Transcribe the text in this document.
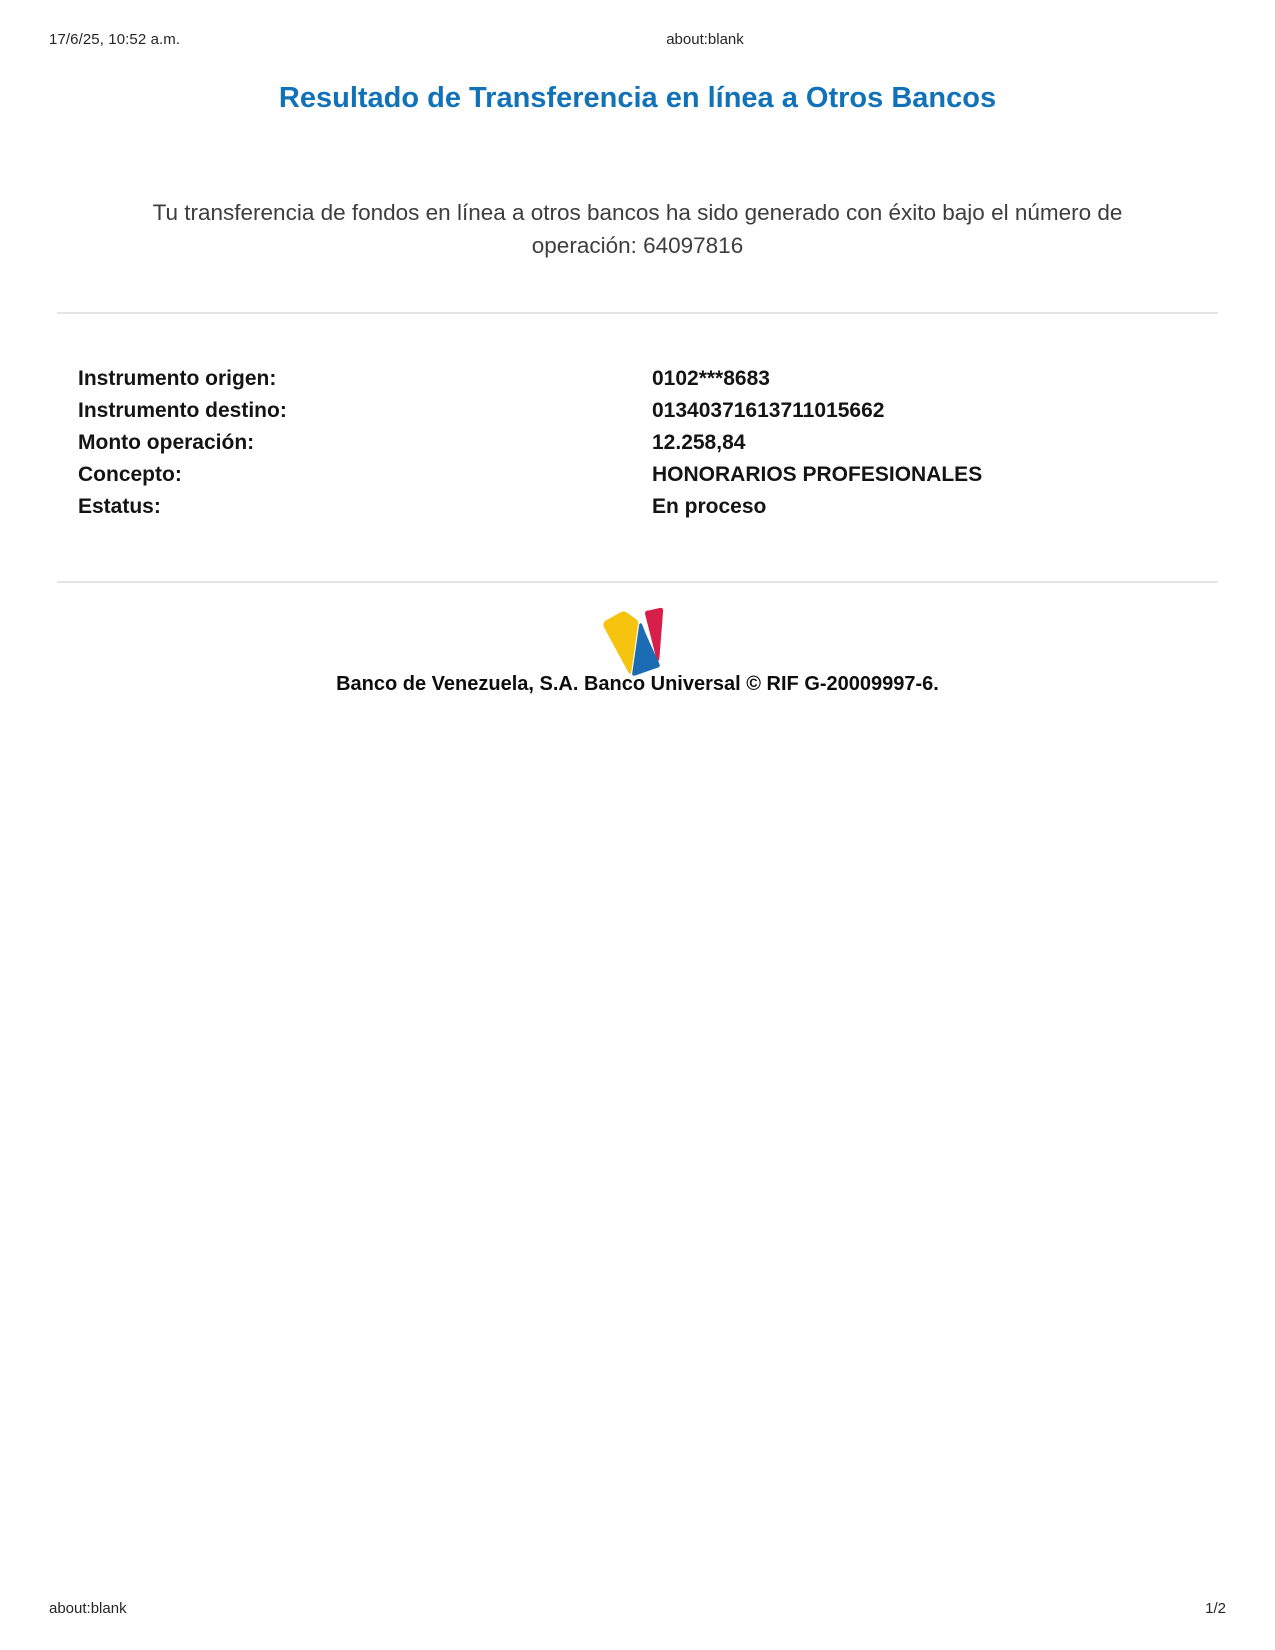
17/6/25, 10:52 a.m.	about:blank
Resultado de Transferencia en línea a Otros Bancos

Tu transferencia de fondos en línea a otros bancos ha sido generado con éxito bajo el número de operación: 64097816

Instrumento origen:	0102***8683
Instrumento destino:	01340371613711015662
Monto operación:	12.258,84
Concepto:	HONORARIOS PROFESIONALES
Estatus:	En proceso

Banco de Venezuela, S.A. Banco Universal © RIF G-20009997-6.

about:blank	1/2
